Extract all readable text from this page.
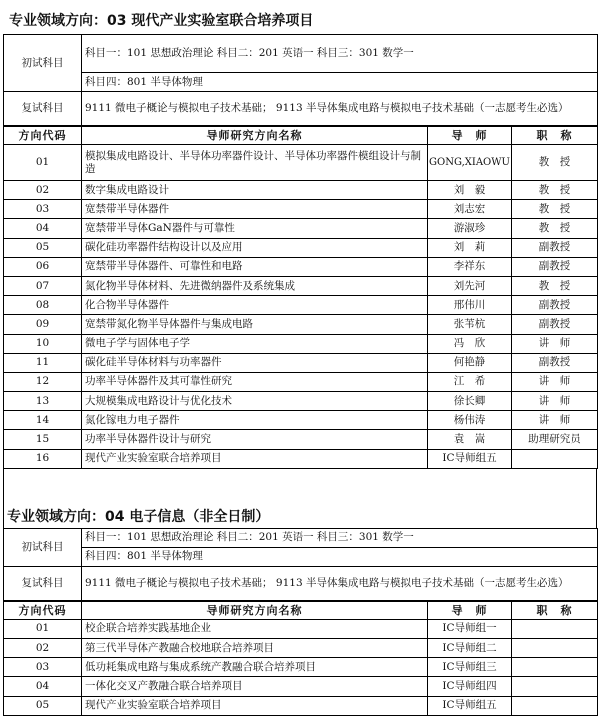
专业领域方向：03 现代产业实验室联合培养项目
初试科目	科目一：101 思想政治理论 科目二：201 英语一 科目三：301 数学一
	科目四：801 半导体物理
复试科目	9111 微电子概论与模拟电子技术基础； 9113 半导体集成电路与模拟电子技术基础（一志愿考生必选）
方向代码	导师研究方向名称	导　师	职　称
01	模拟集成电路设计、半导体功率器件设计、半导体功率器件模组设计与制造	GONG,XIAOWU	教　授
02	数字集成电路设计	刘　毅	教　授
03	宽禁带半导体器件	刘志宏	教　授
04	宽禁带半导体GaN器件与可靠性	游淑珍	教　授
05	碳化硅功率器件结构设计以及应用	刘　莉	副教授
06	宽禁带半导体器件、可靠性和电路	李祥东	副教授
07	氮化物半导体材料、先进微纳器件及系统集成	刘先河	教　授
08	化合物半导体器件	邢伟川	副教授
09	宽禁带氮化物半导体器件与集成电路	张苇杭	副教授
10	微电子学与固体电子学	冯　欣	讲　师
11	碳化硅半导体材料与功率器件	何艳静	副教授
12	功率半导体器件及其可靠性研究	江　希	讲　师
13	大规模集成电路设计与优化技术	徐长卿	讲　师
14	氮化镓电力电子器件	杨伟涛	讲　师
15	功率半导体器件设计与研究	袁　嵩	助理研究员
16	现代产业实验室联合培养项目	IC导师组五	
专业领域方向：04 电子信息（非全日制）
初试科目	科目一：101 思想政治理论 科目二：201 英语一 科目三：301 数学一
	科目四：801 半导体物理
复试科目	9111 微电子概论与模拟电子技术基础； 9113 半导体集成电路与模拟电子技术基础（一志愿考生必选）
方向代码	导师研究方向名称	导　师	职　称
01	校企联合培养实践基地企业	IC导师组一	
02	第三代半导体产教融合校地联合培养项目	IC导师组二	
03	低功耗集成电路与集成系统产教融合联合培养项目	IC导师组三	
04	一体化交叉产教融合联合培养项目	IC导师组四	
05	现代产业实验室联合培养项目	IC导师组五	
